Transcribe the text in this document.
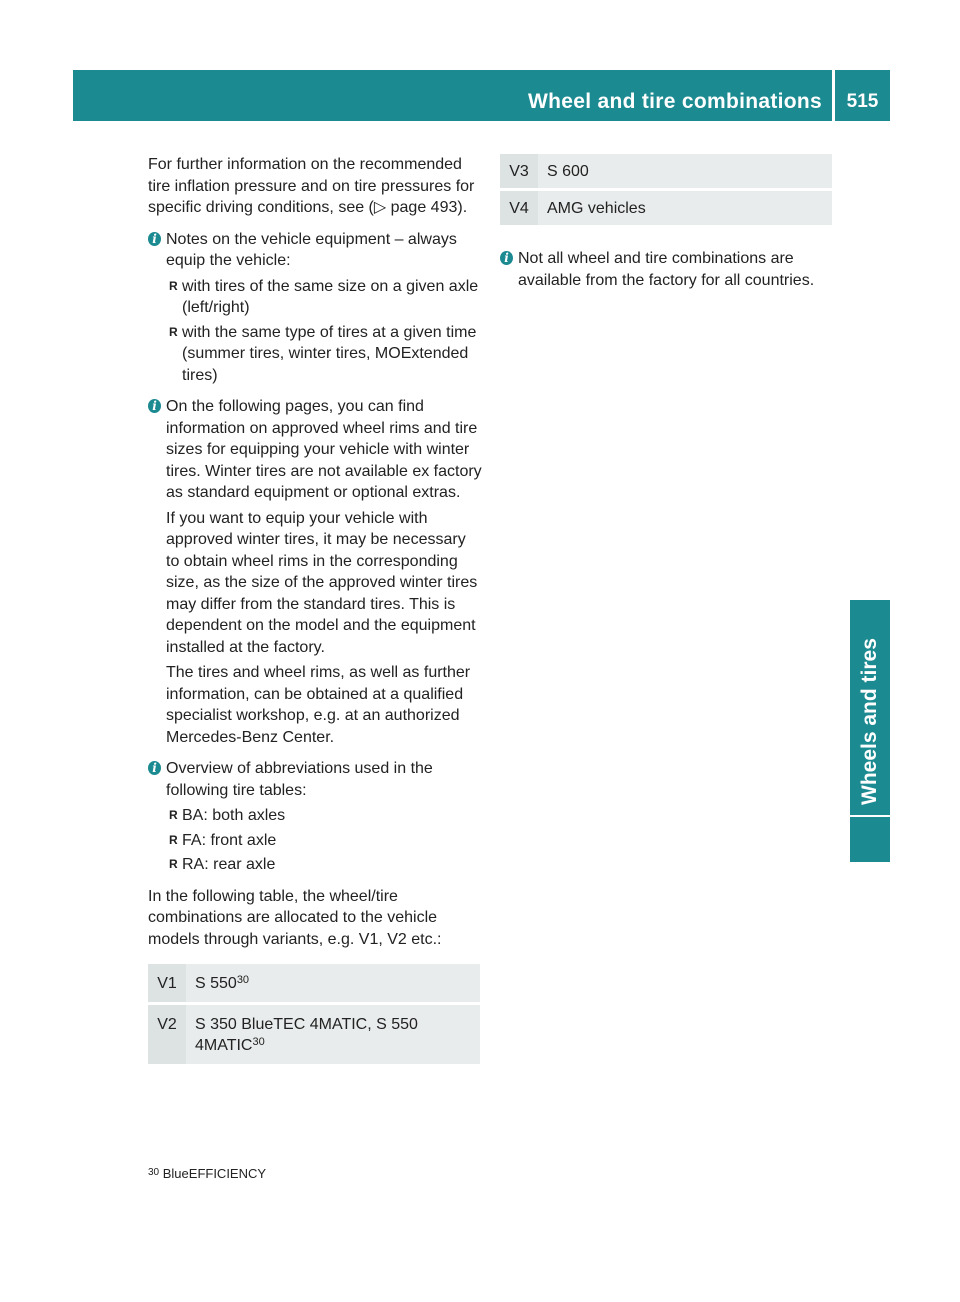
Wheel and tire combinations	515
Wheels and tires

For further information on the recommended tire inflation pressure and on tire pressures for specific driving conditions, see (▷ page 493).

i Notes on the vehicle equipment – always equip the vehicle:

R with tires of the same size on a given axle (left/right)
R with the same type of tires at a given time (summer tires, winter tires, MOExtended tires)
i On the following pages, you can find information on approved wheel rims and tire sizes for equipping your vehicle with winter tires. Winter tires are not available ex factory as standard equipment or optional extras.

If you want to equip your vehicle with approved winter tires, it may be necessary to obtain wheel rims in the corresponding size, as the size of the approved winter tires may differ from the standard tires. This is dependent on the model and the equipment installed at the factory.

The tires and wheel rims, as well as further information, can be obtained at a qualified specialist workshop, e.g. at an authorized Mercedes-Benz Center.

i Overview of abbreviations used in the following tire tables:

R BA: both axles
R FA: front axle
R RA: rear axle

In the following table, the wheel/tire combinations are allocated to the vehicle models through variants, e.g. V1, V2 etc.:

V1	S $550^{30}$
V2	S 350 BlueTEC 4MATIC, S 550 4MATIC$^{30}$
V3	S 600
V4	AMG vehicles
i Not all wheel and tire combinations are available from the factory for all countries.

$^{30}$ BlueEFFICIENCY
